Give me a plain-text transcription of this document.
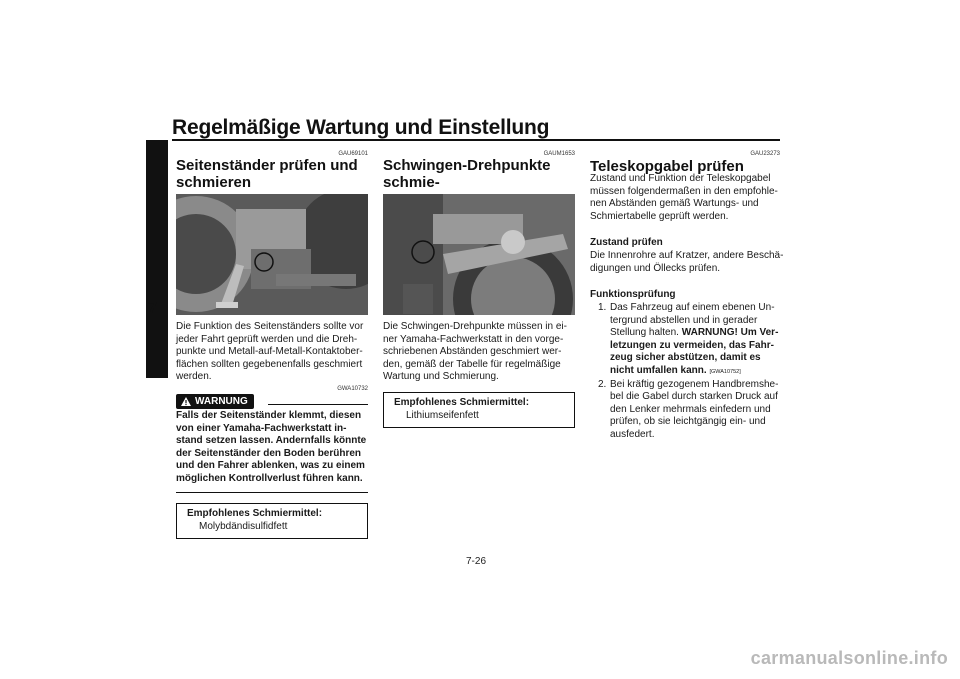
Regelmäßige Wartung und Einstellung
7
GAU69101
Seitenständer prüfen und
schmieren
Die Funktion des Seitenständers sollte vor
jeder Fahrt geprüft werden und die Dreh-
punkte und Metall-auf-Metall-Kontaktober-
flächen sollten gegebenenfalls geschmiert
werden.
GWA10732
WARNUNG
Falls der Seitenständer klemmt, diesen
von einer Yamaha-Fachwerkstatt in-
stand setzen lassen. Andernfalls könnte
der Seitenständer den Boden berühren
und den Fahrer ablenken, was zu einem
möglichen Kontrollverlust führen kann.
Empfohlenes Schmiermittel:
Molybdändisulfidfett
GAUM1653
Schwingen-Drehpunkte schmie-

Die Schwingen-Drehpunkte müssen in ei-
ner Yamaha-Fachwerkstatt in den vorge-
schriebenen Abständen geschmiert wer-
den, gemäß der Tabelle für regelmäßige
Wartung und Schmierung.
Empfohlenes Schmiermittel:
Lithiumseifenfett
GAU23273
Teleskopgabel prüfen
Zustand und Funktion der Teleskopgabel
müssen folgendermaßen in den empfohle-
nen Abständen gemäß Wartungs- und
Schmiertabelle geprüft werden.
Zustand prüfen
Die Innenrohre auf Kratzer, andere Beschä-
digungen und Öllecks prüfen.
Funktionsprüfung
1. Das Fahrzeug auf einem ebenen Un-
tergrund abstellen und in gerader
Stellung halten. WARNUNG! Um Ver-
letzungen zu vermeiden, das Fahr-
zeug sicher abstützen, damit es
nicht umfallen kann. [GWA10752]
2. Bei kräftig gezogenem Handbremshe-
bel die Gabel durch starken Druck auf
den Lenker mehrmals einfedern und
prüfen, ob sie leichtgängig ein- und
ausfedert.
7-26
carmanualsonline.info
